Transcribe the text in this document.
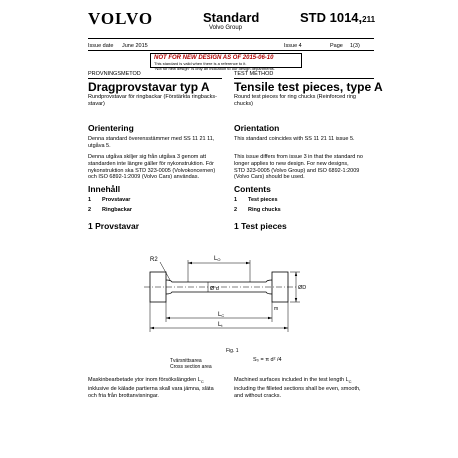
VOLVO	Standard
Volvo Group
STD 1014,211
Issue date June 2015	Issue 4	Page 1(3)
NOT FOR NEW DESIGN AS OF 2015-06-10
This standard is valid when there is a reference to it.
"Not for new design" is only an indication to our design departments.
PROVNINGSMETOD
Dragprovstavar typ A
Rundprovstavar för ringbackar (Förstärkta ringbacks-
stavar)
Orientering
Denna standard överensstämmer med SS 11 21 11,
utgåva 5.
Denna utgåva skiljer sig från utgåva 3 genom att
standarden inte längre gäller för nykonstruktion. För
nykonstruktion ska STD 323-0005 (Volvokoncernen)
och ISO 6892-1:2009 (Volvo Cars) användas.
Innehåll
1 Provstavar
2 Ringbackar
1 Provstavar
TEST METHOD
Tensile test pieces, type A
Round test pieces for ring chucks (Reinforced ring
chucks)
Orientation
This standard coincides with SS 11 21 11 issue 5.
This issue differs from issue 3 in that the standard no
longer applies to new design. For new designs,
STD 323-0005 (Volvo Group) and ISO 6892-1:2009
(Volvo Cars) should be used.
Contents
1 Test pieces
2 Ring chucks
1 Test pieces
R2	LO
Ø d	ØD
LC
Lt
m
Fig. 1
Tvärsnittsarea
Cross section area
S₀ = π d² /4
Maskinbearbetade ytor inom försökslängden $L_C$
inklusive de kälade partierna skall vara jämna, släta
och fria från brottanvisningar.
Machined surfaces included in the test length $L_C$
including the filleted sections shall be even, smooth,
and without cracks.
